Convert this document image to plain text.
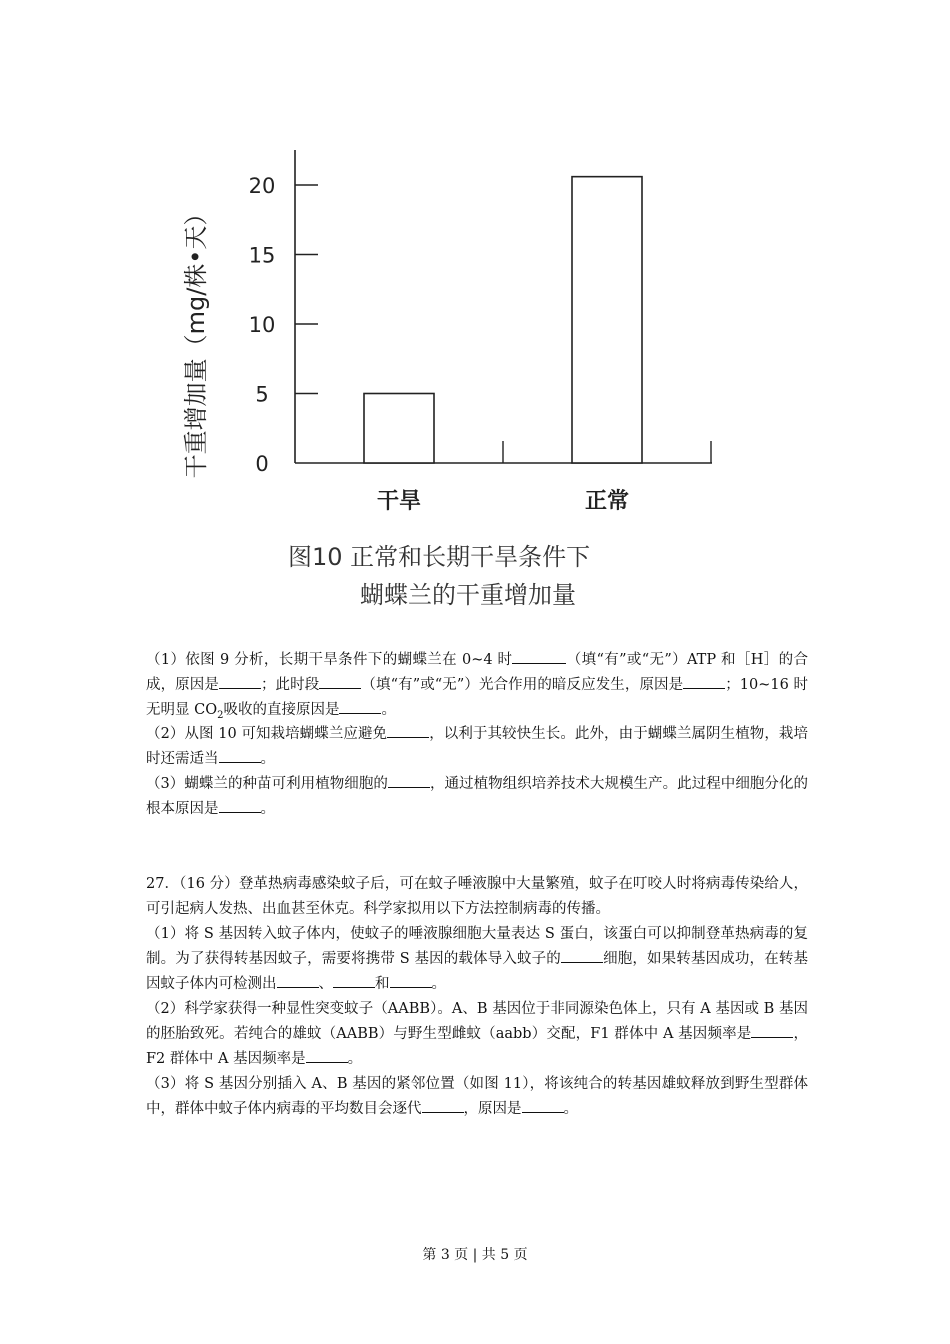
0
5
10
15
20
干旱	正常
干重增加量（mg/株•天）
图10 正常和长期干旱条件下
蝴蝶兰的干重增加量

（1）依图 9 分析，长期干旱条件下的蝴蝶兰在 0~4 时	（填“有”或“无”）ATP 和［H］的合成，原因是	；此时段	（填“有”或“无”）光合作用的暗反应发生，原因是	；10~16 时无明显 $CO_2$吸收的直接原因是	。

（2）从图 10 可知栽培蝴蝶兰应避免	，以利于其较快生长。此外，由于蝴蝶兰属阴生植物，栽培时还需适当	。

（3）蝴蝶兰的种苗可利用植物细胞的	，通过植物组织培养技术大规模生产。此过程中细胞分化的根本原因是	。

27．（16 分）登革热病毒感染蚊子后，可在蚊子唾液腺中大量繁殖，蚊子在叮咬人时将病毒传染给人，可引起病人发热、出血甚至休克。科学家拟用以下方法控制病毒的传播。

（1）将 S 基因转入蚊子体内，使蚊子的唾液腺细胞大量表达 S 蛋白，该蛋白可以抑制登革热病毒的复制。为了获得转基因蚊子，需要将携带 S 基因的载体导入蚊子的	细胞，如果转基因成功，在转基因蚊子体内可检测出	、	和	。

（2）科学家获得一种显性突变蚊子（AABB）。A、B 基因位于非同源染色体上，只有 A 基因或 B 基因的胚胎致死。若纯合的雄蚊（AABB）与野生型雌蚊（aabb）交配，F1 群体中 A 基因频率是	，F2 群体中 A 基因频率是	。

（3）将 S 基因分别插入 A、B 基因的紧邻位置（如图 11），将该纯合的转基因雄蚊释放到野生型群体中，群体中蚊子体内病毒的平均数目会逐代	，原因是	。

第 3 页 | 共 5 页
